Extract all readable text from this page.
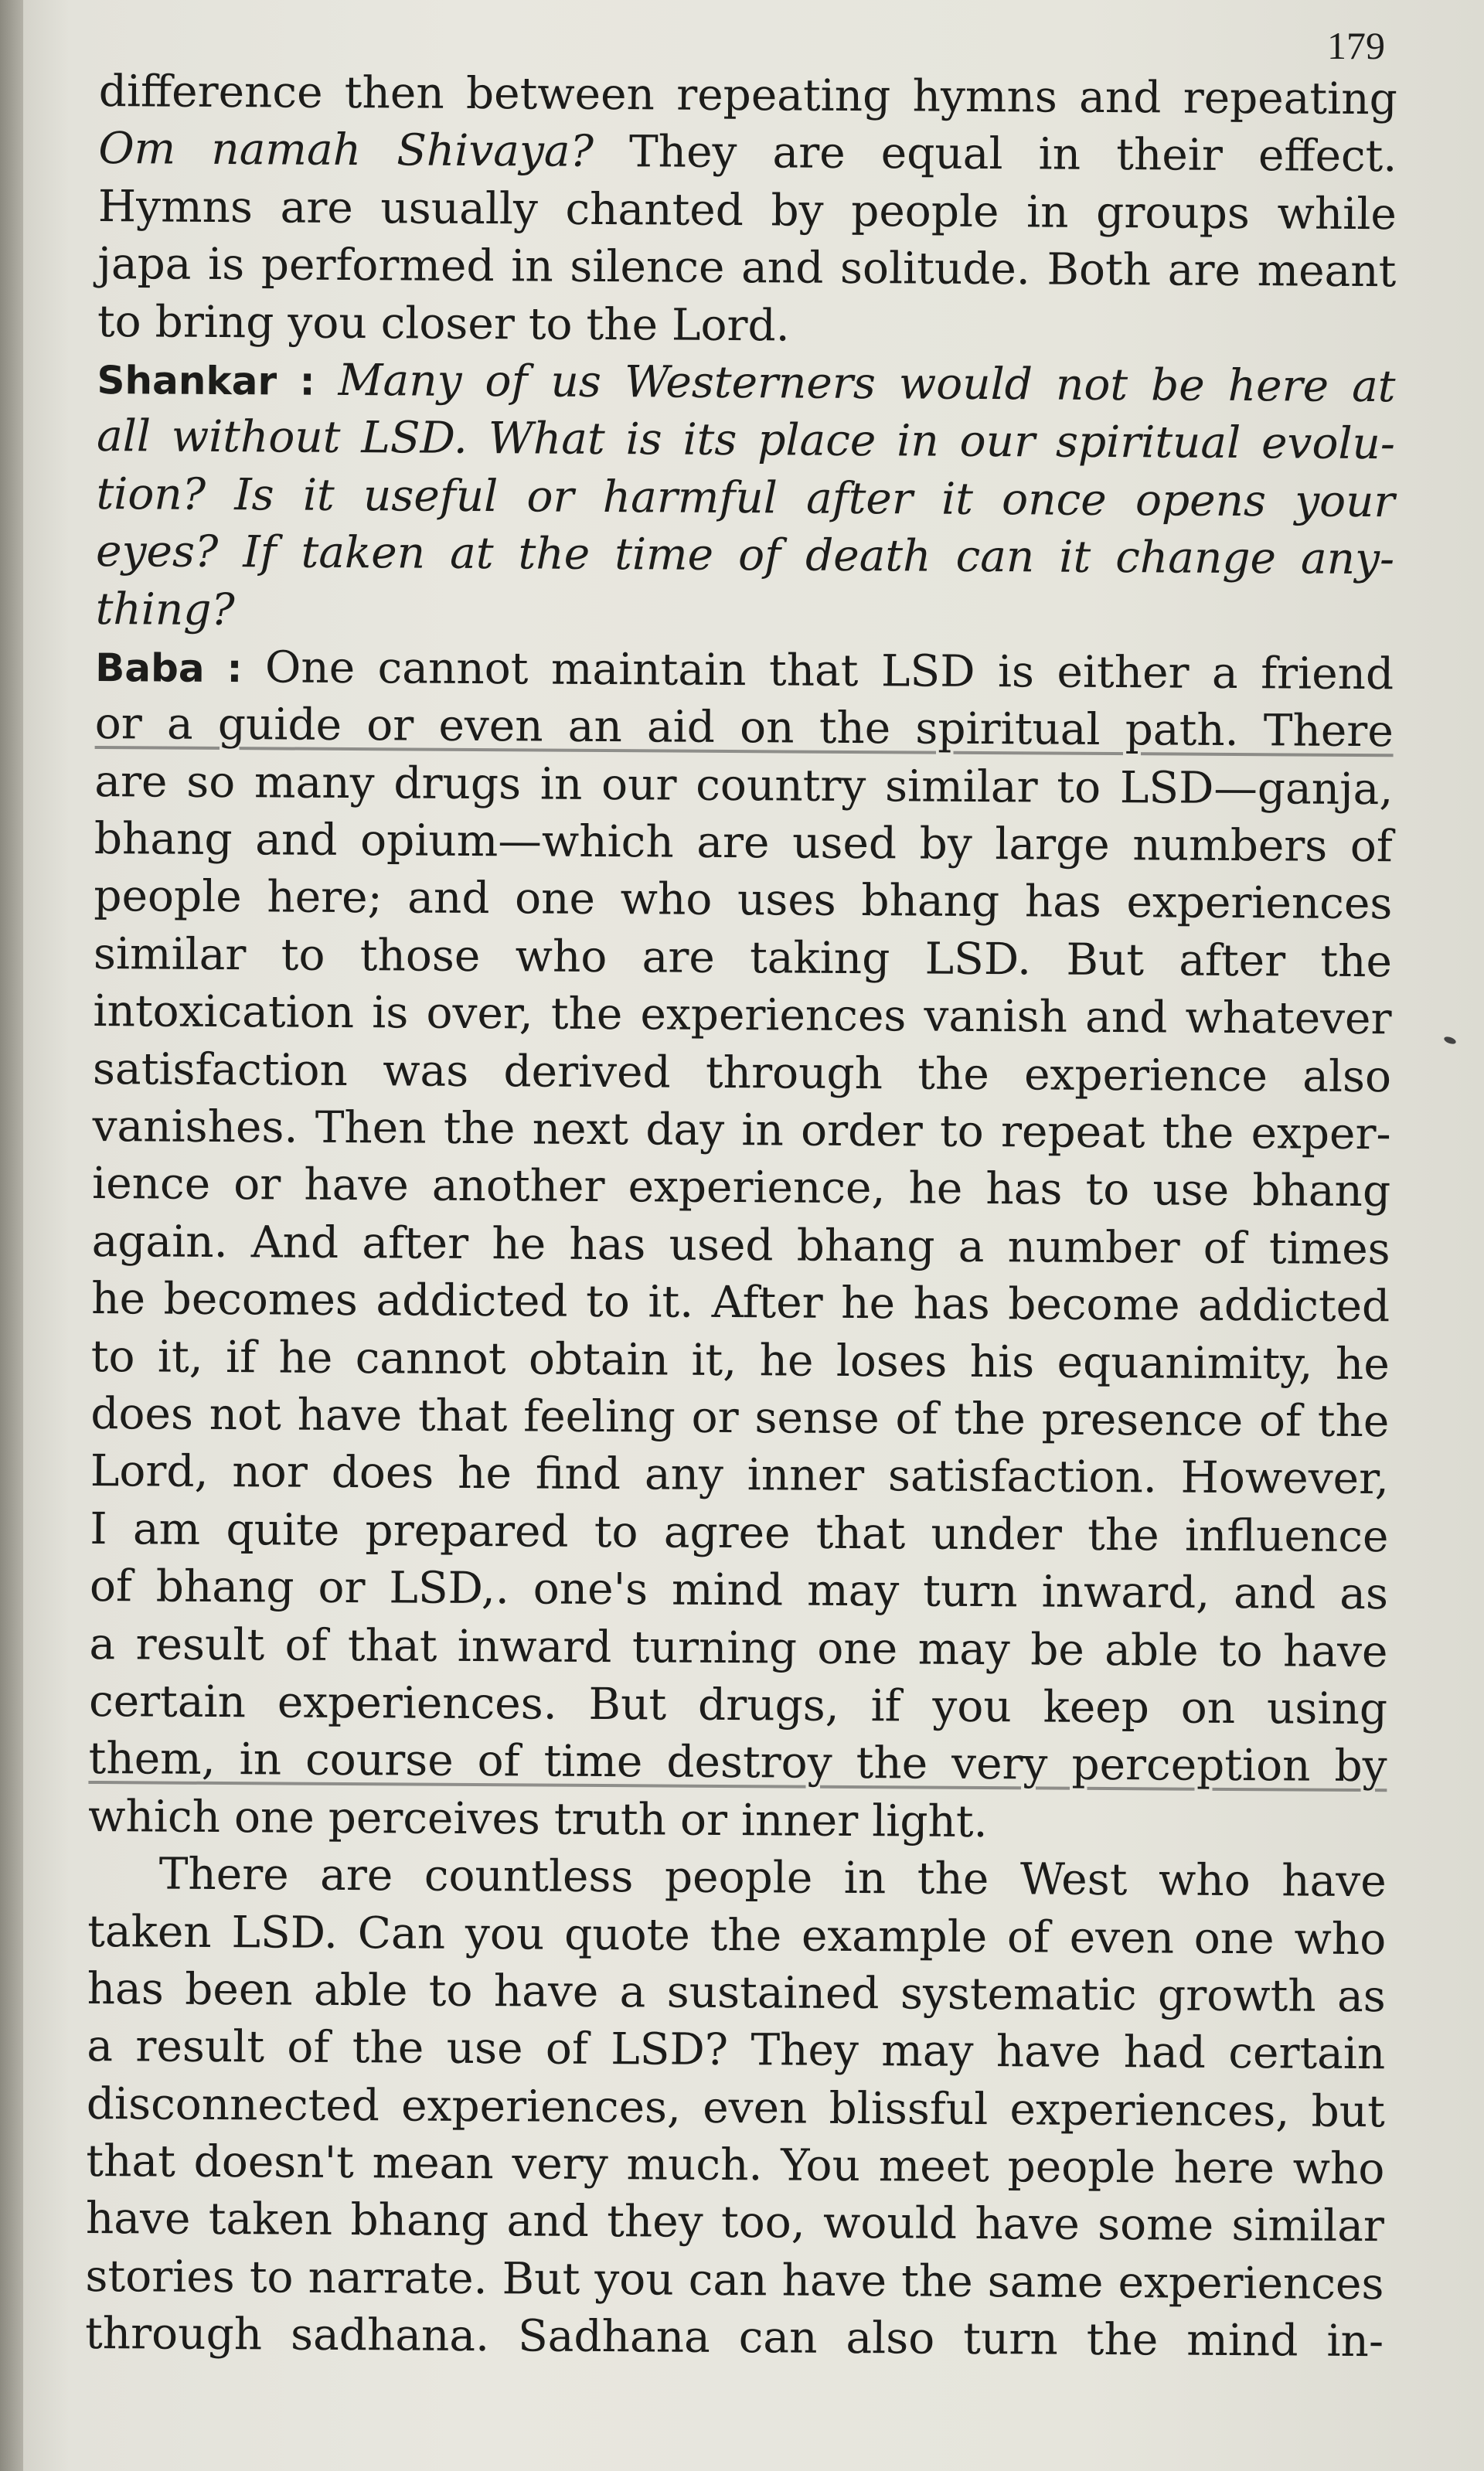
179
difference then between repeating hymns and repeating
Om namah Shivaya? They are equal in their effect.
Hymns are usually chanted by people in groups while
japa is performed in silence and solitude. Both are meant
to bring you closer to the Lord.
Shankar : Many of us Westerners would not be here at
all without LSD. What is its place in our spiritual evolu-
tion? Is it useful or harmful after it once opens your
eyes? If taken at the time of death can it change any-
thing?
Baba : One cannot maintain that LSD is either a friend
or a guide or even an aid on the spiritual path. There
are so many drugs in our country similar to LSD—ganja,
bhang and opium—which are used by large numbers of
people here; and one who uses bhang has experiences
similar to those who are taking LSD. But after the
intoxication is over, the experiences vanish and whatever
satisfaction was derived through the experience also
vanishes. Then the next day in order to repeat the exper-
ience or have another experience, he has to use bhang
again. And after he has used bhang a number of times
he becomes addicted to it. After he has become addicted
to it, if he cannot obtain it, he loses his equanimity, he
does not have that feeling or sense of the presence of the
Lord, nor does he find any inner satisfaction. However,
I am quite prepared to agree that under the influence
of bhang or LSD,. one's mind may turn inward, and as
a result of that inward turning one may be able to have
certain experiences. But drugs, if you keep on using
them, in course of time destroy the very perception by
which one perceives truth or inner light.
There are countless people in the West who have
taken LSD. Can you quote the example of even one who
has been able to have a sustained systematic growth as
a result of the use of LSD? They may have had certain
disconnected experiences, even blissful experiences, but
that doesn't mean very much. You meet people here who
have taken bhang and they too, would have some similar
stories to narrate. But you can have the same experiences
through sadhana. Sadhana can also turn the mind in-
